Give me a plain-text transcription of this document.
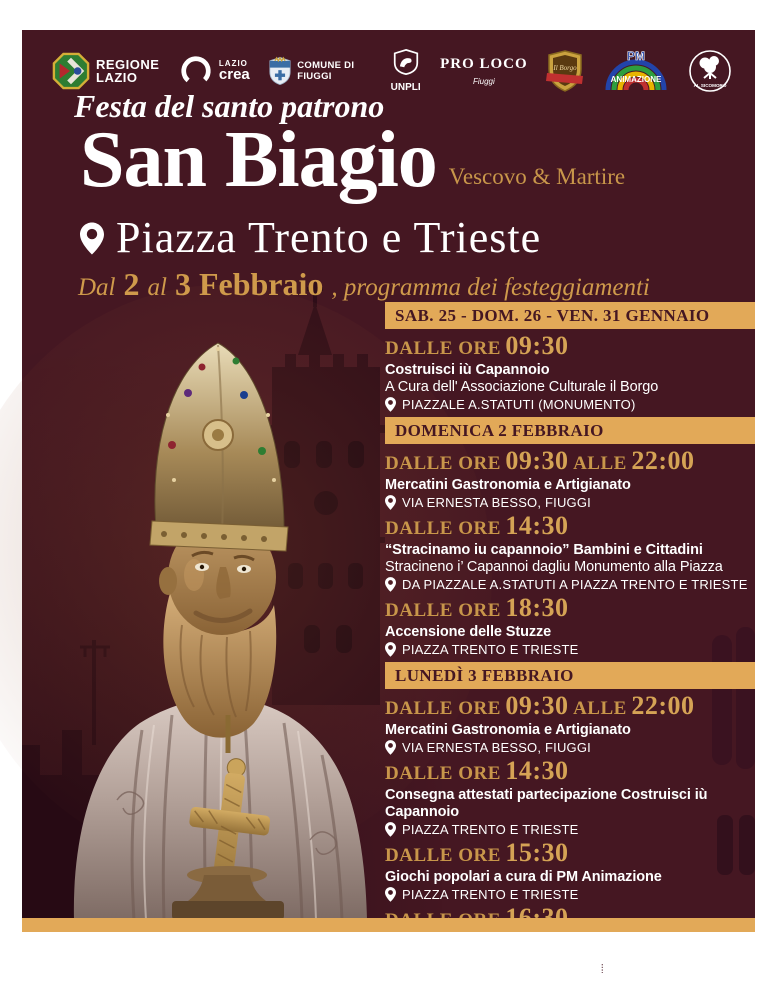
REGIONE
LAZIO
LAZIO
crea
COMUNE DI FIUGGI
UNPLI
PRO LOCO
Fiuggi
Il Borgo
PM
ANIMAZIONE
AL SICOMORO
Festa del santo patrono
San Biagio Vescovo & Martire
Piazza Trento e Trieste
Dal 2 al 3 Febbraio , programma dei festeggiamenti
SAB. 25 - DOM. 26 - VEN. 31 GENNAIO
DALLE ORE 09:30
Costruisci iù Capannoio
A Cura dell' Associazione Culturale il Borgo
PIAZZALE A.STATUTI (MONUMENTO)
DOMENICA 2 FEBBRAIO
DALLE ORE 09:30 ALLE 22:00
Mercatini Gastronomia e Artigianato
VIA ERNESTA BESSO, FIUGGI
DALLE ORE 14:30
“Stracinamo iu capannoio” Bambini e Cittadini
Stracineno i’ Capannoi dagliu Monumento alla Piazza
DA PIAZZALE A.STATUTI A PIAZZA TRENTO E TRIESTE
DALLE ORE 18:30
Accensione delle Stuzze
PIAZZA TRENTO E TRIESTE
LUNEDÌ 3 FEBBRAIO
DALLE ORE 09:30 ALLE 22:00
Mercatini Gastronomia e Artigianato
VIA ERNESTA BESSO, FIUGGI
DALLE ORE 14:30
Consegna attestati partecipazione Costruisci iù Capannoio
PIAZZA TRENTO E TRIESTE
DALLE ORE 15:30
Giochi popolari a cura di PM Animazione
PIAZZA TRENTO E TRIESTE
Concerto: Tribute band “Deca band 883 & Pezzali”
PIAZZA TRENTO E TRIESTE
INGRESSO GRATUITO
